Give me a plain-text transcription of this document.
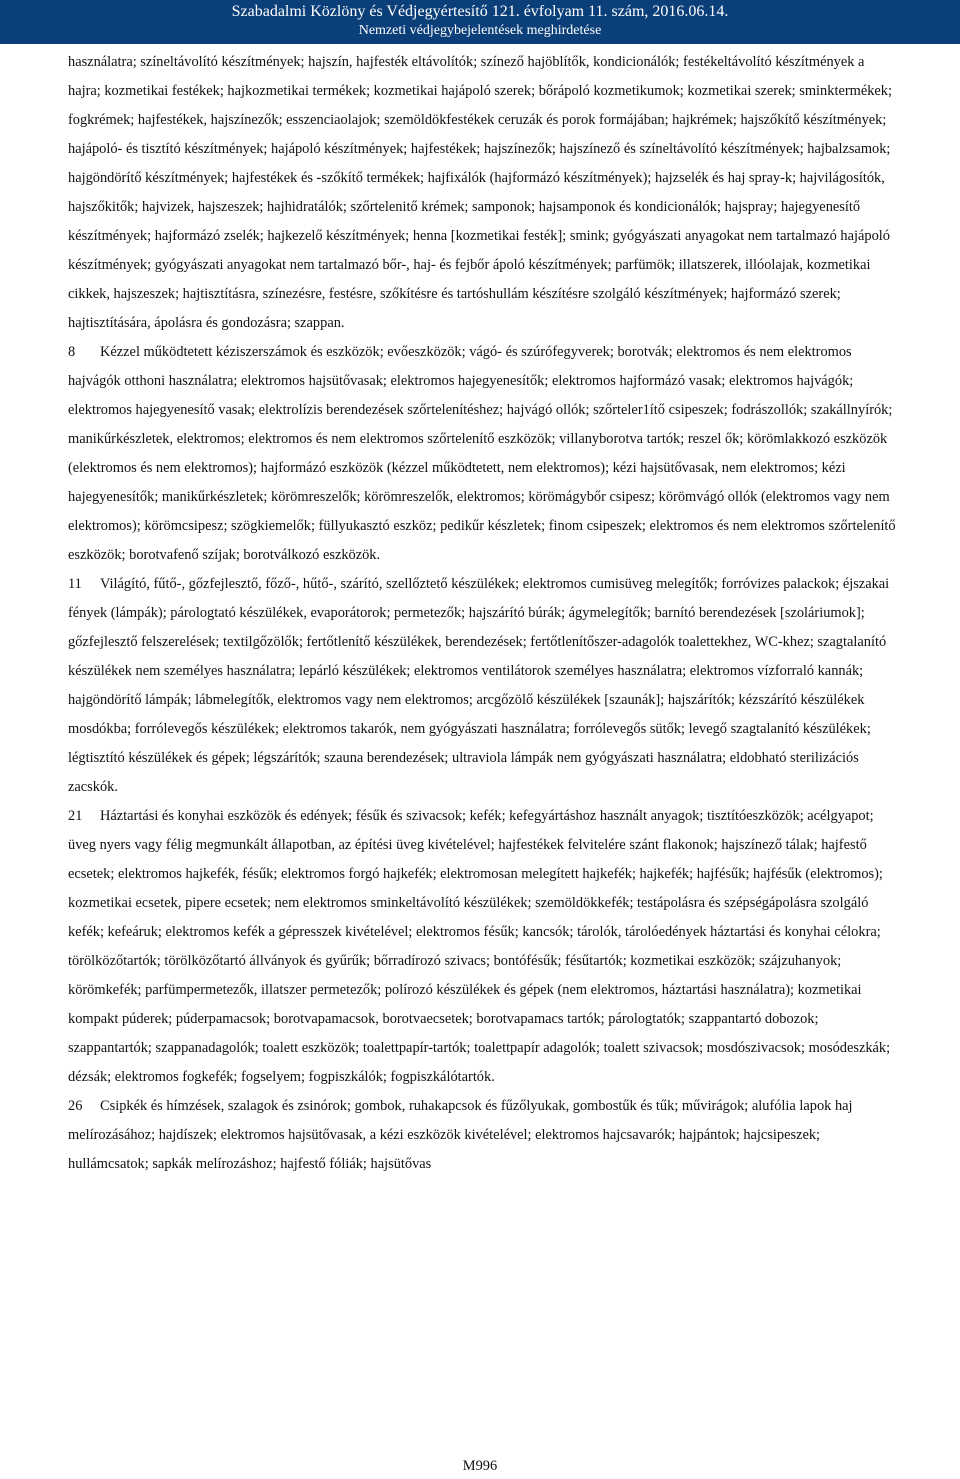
Szabadalmi Közlöny és Védjegyértesítő 121. évfolyam 11. szám, 2016.06.14.
Nemzeti védjegybejelentések meghirdetése

használatra; színeltávolító készítmények; hajszín, hajfesték eltávolítók; színező hajöblítők, kondicionálók; festékeltávolító készítmények a hajra; kozmetikai festékek; hajkozmetikai termékek; kozmetikai hajápoló szerek; bőrápoló kozmetikumok; kozmetikai szerek; sminktermékek; fogkrémek; hajfestékek, hajszínezők; esszenciaolajok; szemöldökfestékek ceruzák és porok formájában; hajkrémek; hajszőkítő készítmények; hajápoló- és tisztító készítmények; hajápoló készítmények; hajfestékek; hajszínezők; hajszínező és színeltávolító készítmények; hajbalzsamok; hajgöndörítő készítmények; hajfestékek és -szőkítő termékek; hajfixálók (hajformázó készítmények); hajzselék és haj spray-k; hajvilágosítók, hajszőkitők; hajvizek, hajszeszek; hajhidratálók; szőrtelenitő krémek; samponok; hajsamponok és kondicionálók; hajspray; hajegyenesítő készítmények; hajformázó zselék; hajkezelő készítmények; henna [kozmetikai festék]; smink; gyógyászati anyagokat nem tartalmazó hajápoló készítmények; gyógyászati anyagokat nem tartalmazó bőr-, haj- és fejbőr ápoló készítmények; parfümök; illatszerek, illóolajak, kozmetikai cikkek, hajszeszek; hajtisztításra, színezésre, festésre, szőkítésre és tartóshullám készítésre szolgáló készítmények; hajformázó szerek; hajtisztítására, ápolásra és gondozásra; szappan.

8 Kézzel működtetett kéziszerszámok és eszközök; evőeszközök; vágó- és szúrófegyverek; borotvák; elektromos és nem elektromos hajvágók otthoni használatra; elektromos hajsütővasak; elektromos hajegyenesítők; elektromos hajformázó vasak; elektromos hajvágók; elektromos hajegyenesítő vasak; elektrolízis berendezések szőrtelenítéshez; hajvágó ollók; szőrteler1ítő csipeszek; fodrászollók; szakállnyírók; manikűrkészletek, elektromos; elektromos és nem elektromos szőrtelenítő eszközök; villanyborotva tartók; reszel ők; körömlakkozó eszközök (elektromos és nem elektromos); hajformázó eszközök (kézzel működtetett, nem elektromos); kézi hajsütővasak, nem elektromos; kézi hajegyenesítők; manikűrkészletek; körömreszelők; körömreszelők, elektromos; körömágybőr csipesz; körömvágó ollók (elektromos vagy nem elektromos); körömcsipesz; szögkiemelők; füllyukasztó eszköz; pedikűr készletek; finom csipeszek; elektromos és nem elektromos szőrtelenítő eszközök; borotvafenő szíjak; borotválkozó eszközök.

11 Világító, fűtő-, gőzfejlesztő, főző-, hűtő-, szárító, szellőztető készülékek; elektromos cumisüveg melegítők; forróvizes palackok; éjszakai fények (lámpák); párologtató készülékek, evaporátorok; permetezők; hajszárító búrák; ágymelegítők; barnító berendezések [szoláriumok]; gőzfejlesztő felszerelések; textilgőzölők; fertőtlenítő készülékek, berendezések; fertőtlenítőszer-adagolók toalettekhez, WC-khez; szagtalanító készülékek nem személyes használatra; lepárló készülékek; elektromos ventilátorok személyes használatra; elektromos vízforraló kannák; hajgöndörítő lámpák; lábmelegítők, elektromos vagy nem elektromos; arcgőzölő készülékek [szaunák]; hajszárítók; kézszárító készülékek mosdókba; forrólevegős készülékek; elektromos takarók, nem gyógyászati használatra; forrólevegős sütők; levegő szagtalanító készülékek; légtisztító készülékek és gépek; légszárítók; szauna berendezések; ultraviola lámpák nem gyógyászati használatra; eldobható sterilizációs zacskók.

21 Háztartási és konyhai eszközök és edények; fésűk és szivacsok; kefék; kefegyártáshoz használt anyagok; tisztítóeszközök; acélgyapot; üveg nyers vagy félig megmunkált állapotban, az építési üveg kivételével; hajfestékek felvitelére szánt flakonok; hajszínező tálak; hajfestő ecsetek; elektromos hajkefék, fésűk; elektromos forgó hajkefék; elektromosan melegített hajkefék; hajkefék; hajfésűk; hajfésűk (elektromos); kozmetikai ecsetek, pipere ecsetek; nem elektromos sminkeltávolító készülékek; szemöldökkefék; testápolásra és szépségápolásra szolgáló kefék; kefeáruk; elektromos kefék a gépresszek kivételével; elektromos fésűk; kancsók; tárolók, tárolóedények háztartási és konyhai célokra; törölközőtartók; törölközőtartó állványok és gyűrűk; bőrradírozó szivacs; bontófésűk; fésűtartók; kozmetikai eszközök; szájzuhanyok; körömkefék; parfümpermetezők, illatszer permetezők; polírozó készülékek és gépek (nem elektromos, háztartási használatra); kozmetikai kompakt púderek; púderpamacsok; borotvapamacsok, borotvaecsetek; borotvapamacs tartók; párologtatók; szappantartó dobozok; szappantartók; szappanadagolók; toalett eszközök; toalettpapír-tartók; toalettpapír adagolók; toalett szivacsok; mosdószivacsok; mosódeszkák; dézsák; elektromos fogkefék; fogselyem; fogpiszkálók; fogpiszkálótartók.

26 Csipkék és hímzések, szalagok és zsinórok; gombok, ruhakapcsok és fűzőlyukak, gombostűk és tűk; művirágok; alufólia lapok haj melírozásához; hajdíszek; elektromos hajsütővasak, a kézi eszközök kivételével; elektromos hajcsavarók; hajpántok; hajcsipeszek; hullámcsatok; sapkák melírozáshoz; hajfestő fóliák; hajsütővas

M996
